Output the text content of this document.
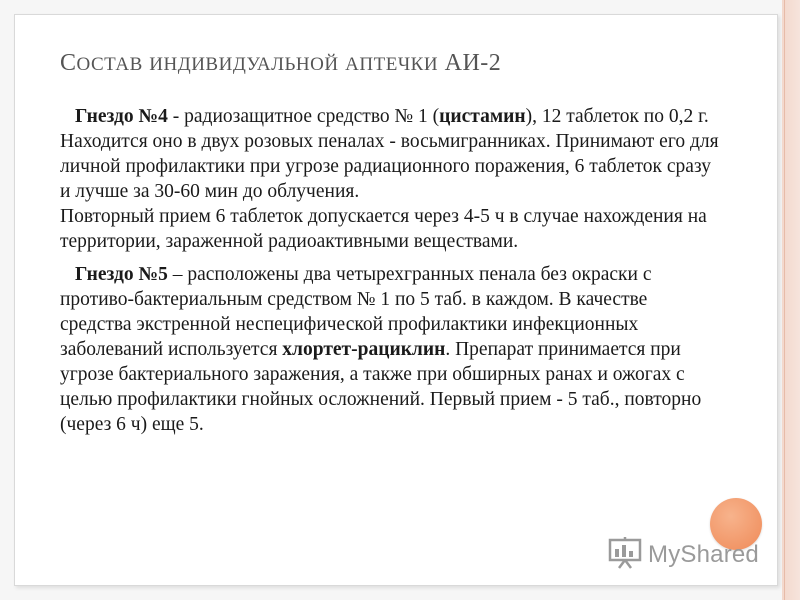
СОСТАВ ИНДИВИДУАЛЬНОЙ АПТЕЧКИ АИ-2

Гнездо №4 - радиозащитное средство № 1 (цистамин), 12 таблеток по 0,2 г. Находится оно в двух розовых пеналах - восьмигранниках. Принимают его для личной профилактики при угрозе радиационного поражения, 6 таблеток сразу и лучше за 30-60 мин до облучения.

Повторный прием 6 таблеток допускается через 4-5 ч в случае нахождения на территории, зараженной радиоактивными веществами.

Гнездо №5 – расположены два четырехгранных пенала без окраски с противо-бактериальным средством № 1 по 5 таб. в каждом. В качестве средства экстренной неспецифической профилактики инфекционных заболеваний используется хлортет-рациклин. Препарат принимается при угрозе бактериального заражения, а также при обширных ранах и ожогах с целью профилактики гнойных осложнений. Первый прием - 5 таб., повторно (через 6 ч) еще 5.

MyShared
